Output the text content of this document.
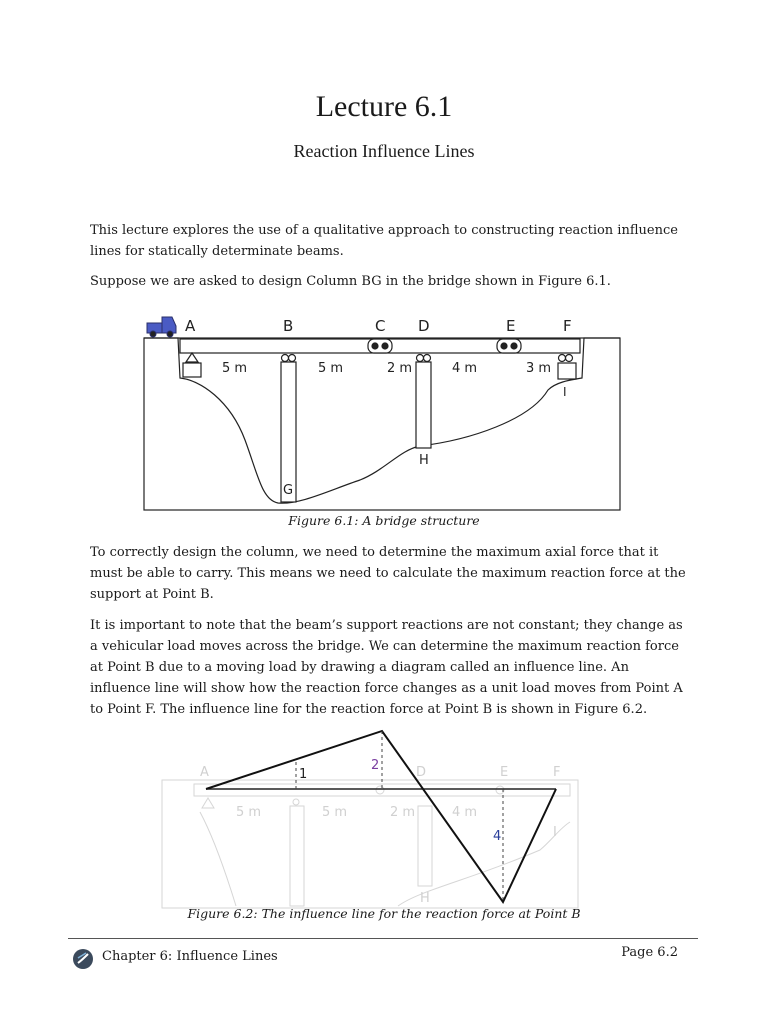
Lecture 6.1
Reaction Influence Lines

This lecture explores the use of a qualitative approach to constructing reaction influence lines for statically determinate beams.

Suppose we are asked to design Column BG in the bridge shown in Figure 6.1.

A	B	C D	E	F
G
H
I
5 m	5 m	2 m	4 m	3 m
Figure 6.1: A bridge structure

To correctly design the column, we need to determine the maximum axial force that it must be able to carry. This means we need to calculate the maximum reaction force at the support at Point B.

It is important to note that the beam’s support reactions are not constant; they change as a vehicular load moves across the bridge. We can determine the maximum reaction force at Point B due to a moving load by drawing a diagram called an influence line. An influence line will show how the reaction force changes as a unit load moves from Point A to Point F. The influence line for the reaction force at Point B is shown in Figure 6.2.

A	D	E	F
H
I
5 m	5 m	2 m	4 m
1
2
4
Figure 6.2: The influence line for the reaction force at Point B
Chapter 6: Influence Lines	Page 6.2
